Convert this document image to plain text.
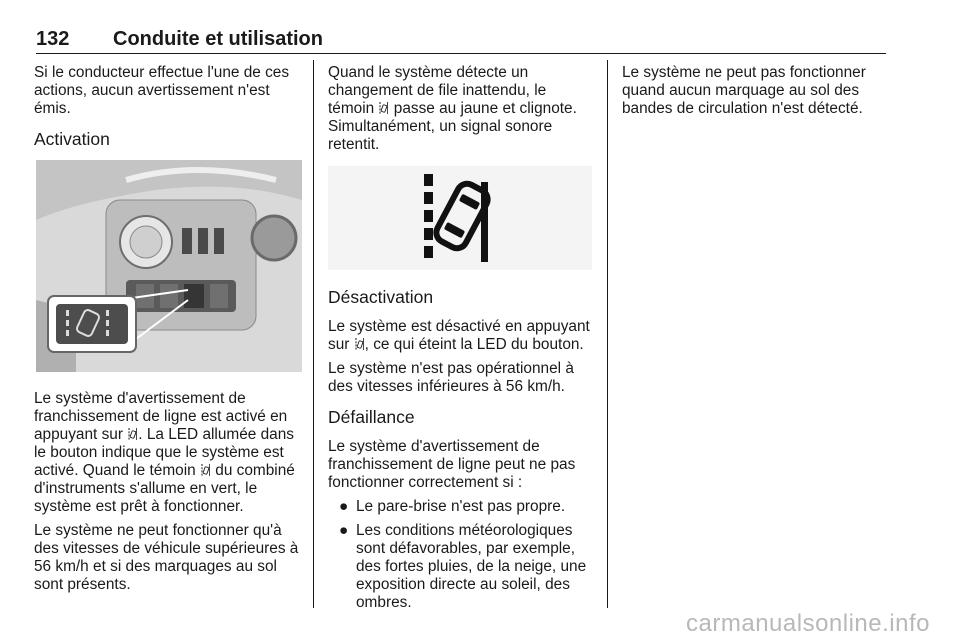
132 Conduite et utilisation

Si le conducteur effectue l'une de ces actions, aucun avertissement n'est émis.

Activation

Le système d'avertissement de franchissement de ligne est activé en appuyant sur . La LED allumée dans le bouton indique que le système est activé. Quand le témoin du combiné d'instruments s'allume en vert, le système est prêt à fonctionner.

Le système ne peut fonctionner qu'à des vitesses de véhicule supérieures à 56 km/h et si des marquages au sol sont présents.

Quand le système détecte un changement de file inattendu, le témoin passe au jaune et clignote. Simultanément, un signal sonore retentit.

Désactivation

Le système est désactivé en appuyant sur , ce qui éteint la LED du bouton.

Le système n'est pas opérationnel à des vitesses inférieures à 56 km/h.

Défaillance

Le système d'avertissement de franchissement de ligne peut ne pas fonctionner correctement si :

● Le pare-brise n'est pas propre.
● Les conditions météorologiques sont défavorables, par exemple, des fortes pluies, de la neige, une exposition directe au soleil, des ombres.

Le système ne peut pas fonctionner quand aucun marquage au sol des bandes de circulation n'est détecté.

carmanualsonline.info
